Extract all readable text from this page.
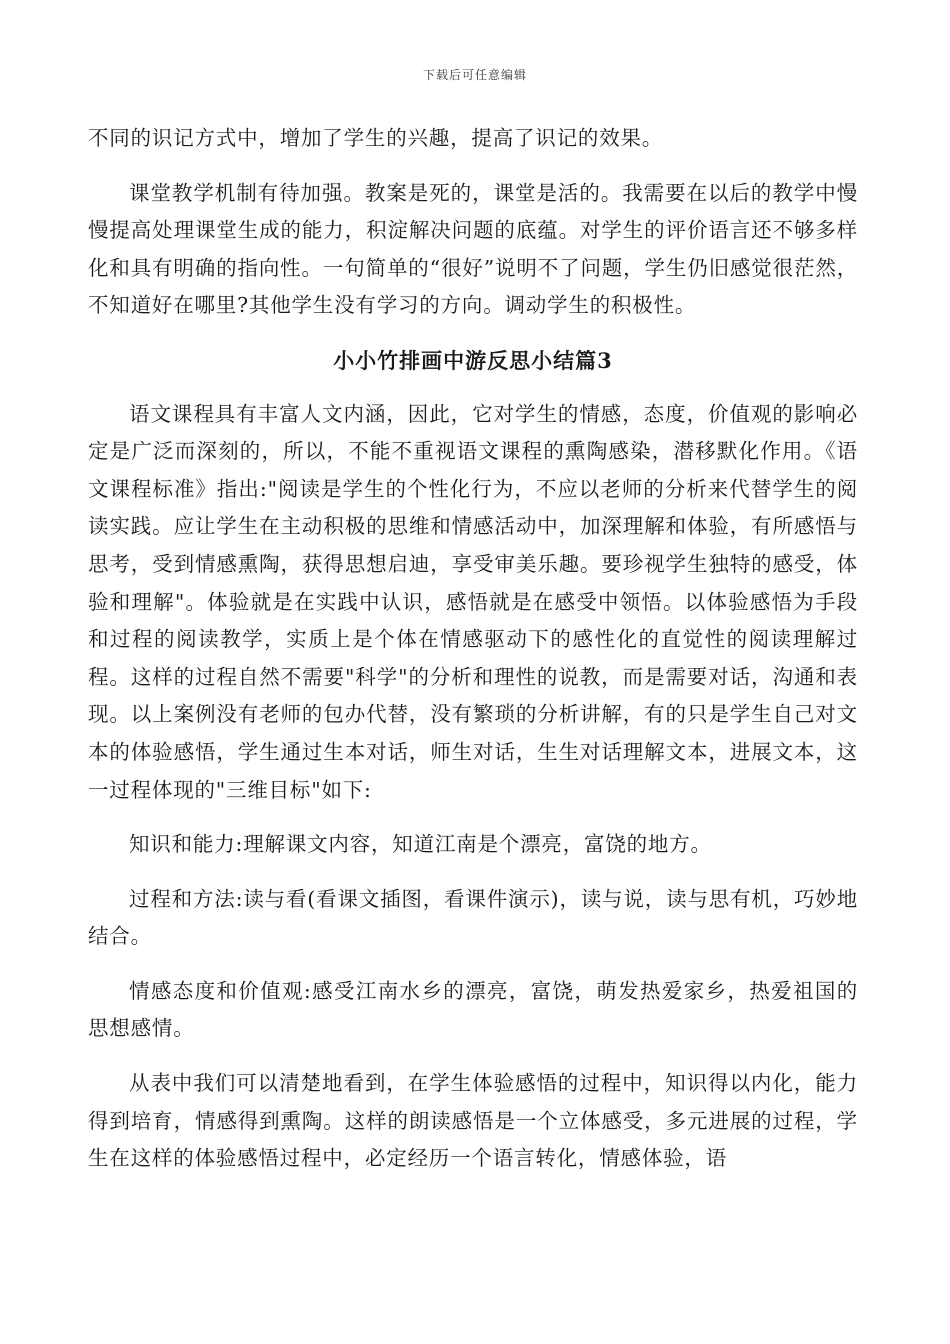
下载后可任意编辑

不同的识记方式中，增加了学生的兴趣，提高了识记的效果。

课堂教学机制有待加强。教案是死的，课堂是活的。我需要在以后的教学中慢慢提高处理课堂生成的能力，积淀解决问题的底蕴。对学生的评价语言还不够多样化和具有明确的指向性。一句简单的“很好”说明不了问题，学生仍旧感觉很茫然，不知道好在哪里?其他学生没有学习的方向。调动学生的积极性。

小小竹排画中游反思小结篇3

语文课程具有丰富人文内涵，因此，它对学生的情感，态度，价值观的影响必定是广泛而深刻的，所以，不能不重视语文课程的熏陶感染，潜移默化作用。《语文课程标准》指出:"阅读是学生的个性化行为，不应以老师的分析来代替学生的阅读实践。应让学生在主动积极的思维和情感活动中，加深理解和体验，有所感悟与思考，受到情感熏陶，获得思想启迪，享受审美乐趣。要珍视学生独特的感受，体验和理解"。体验就是在实践中认识，感悟就是在感受中领悟。以体验感悟为手段和过程的阅读教学，实质上是个体在情感驱动下的感性化的直觉性的阅读理解过程。这样的过程自然不需要"科学"的分析和理性的说教，而是需要对话，沟通和表现。以上案例没有老师的包办代替，没有繁琐的分析讲解，有的只是学生自己对文本的体验感悟，学生通过生本对话，师生对话，生生对话理解文本，进展文本，这一过程体现的"三维目标"如下:

知识和能力:理解课文内容，知道江南是个漂亮，富饶的地方。

过程和方法:读与看(看课文插图，看课件演示)，读与说，读与思有机，巧妙地结合。

情感态度和价值观:感受江南水乡的漂亮，富饶，萌发热爱家乡，热爱祖国的思想感情。

从表中我们可以清楚地看到，在学生体验感悟的过程中，知识得以内化，能力得到培育，情感得到熏陶。这样的朗读感悟是一个立体感受，多元进展的过程，学生在这样的体验感悟过程中，必定经历一个语言转化，情感体验，语
